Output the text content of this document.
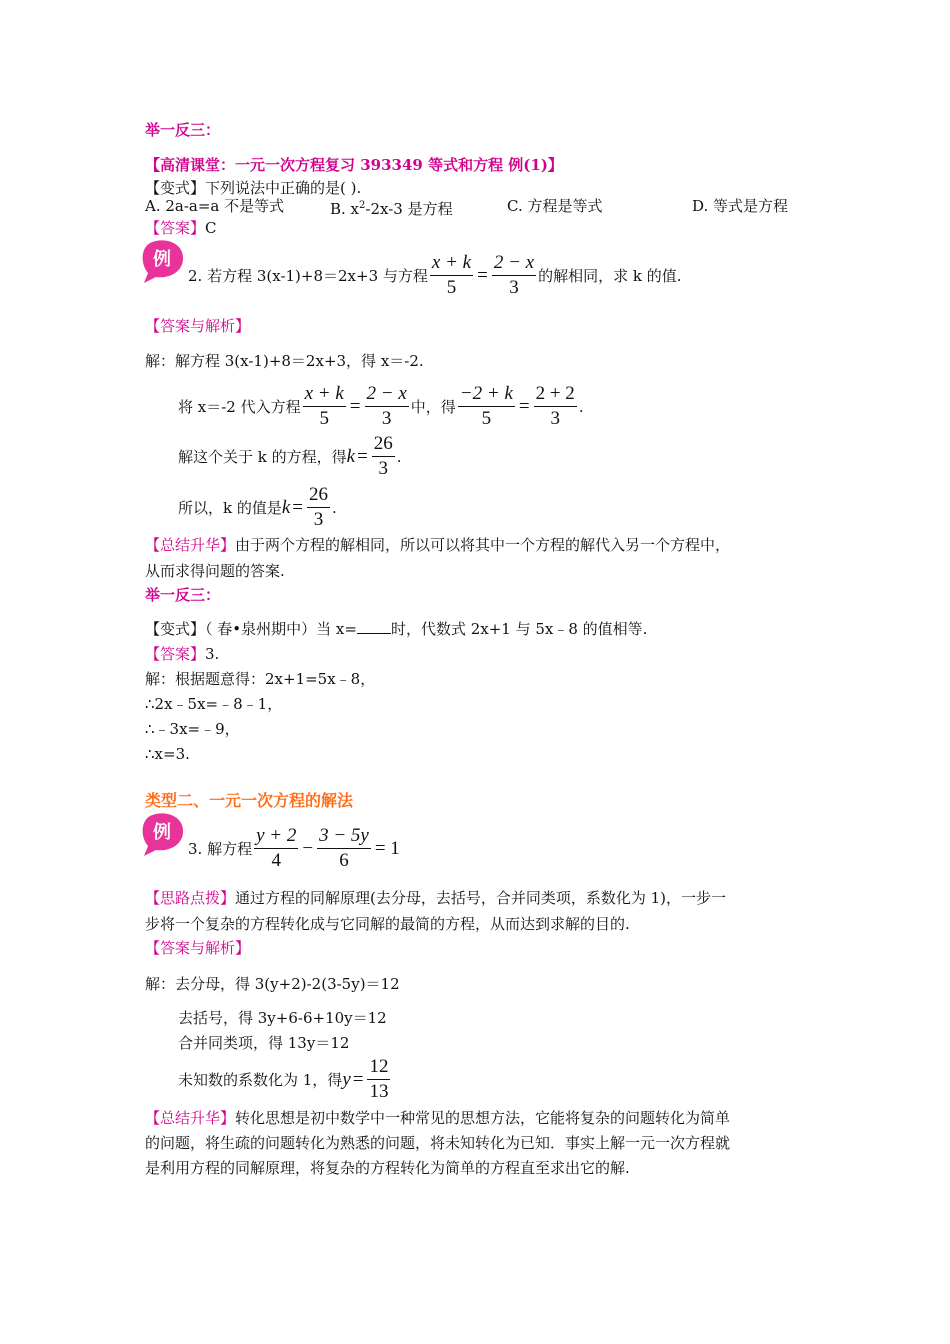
举一反三：
【高清课堂：一元一次方程复习 393349 等式和方程 例(1)】
【变式】下列说法中正确的是( ).
A. 2a-a=a 不是等式	B. $x^2-2x-3$ 是方程	C. 方程是等式	D. 等式是方程
【答案】C
例
2. 若方程 3(x-1)+8＝2x+3 与方程 $\frac{x + k}{5} = \frac{2 - x}{3}$ 的解相同，求 k 的值.
【答案与解析】
解：解方程 3(x-1)+8＝2x+3，得 x＝-2.
将 x＝-2 代入方程 $\frac{x + k}{5} = \frac{2 - x}{3}$ 中，得 $\frac{-2 + k}{5} = \frac{2 + 2}{3}$ .
解这个关于 k 的方程，得 $k = \frac{26}{3}$ .
所以，k 的值是 $k = \frac{26}{3}$ .
【总结升华】由于两个方程的解相同，所以可以将其中一个方程的解代入另一个方程中，
从而求得问题的答案.
举一反三：
【变式】（ 春•泉州期中）当 x= 时，代数式 2x+1 与 5x﹣8 的值相等.
【答案】3.
解：根据题意得：2x+1=5x﹣8，
∴2x﹣5x=﹣8﹣1，
∴﹣3x=﹣9，
∴x=3.
类型二、一元一次方程的解法
例
3. 解方程 $\frac{y + 2}{4} - \frac{3 - 5y}{6} = 1$
【思路点拨】通过方程的同解原理(去分母，去括号，合并同类项，系数化为 1)，一步一
步将一个复杂的方程转化成与它同解的最简的方程，从而达到求解的目的.
【答案与解析】
解：去分母，得 3(y+2)-2(3-5y)＝12
去括号，得 3y+6-6+10y＝12
合并同类项，得 13y＝12
未知数的系数化为 1，得 $y = \frac{12}{13}$
【总结升华】转化思想是初中数学中一种常见的思想方法，它能将复杂的问题转化为简单
的问题，将生疏的问题转化为熟悉的问题，将未知转化为已知．事实上解一元一次方程就
是利用方程的同解原理，将复杂的方程转化为简单的方程直至求出它的解.
